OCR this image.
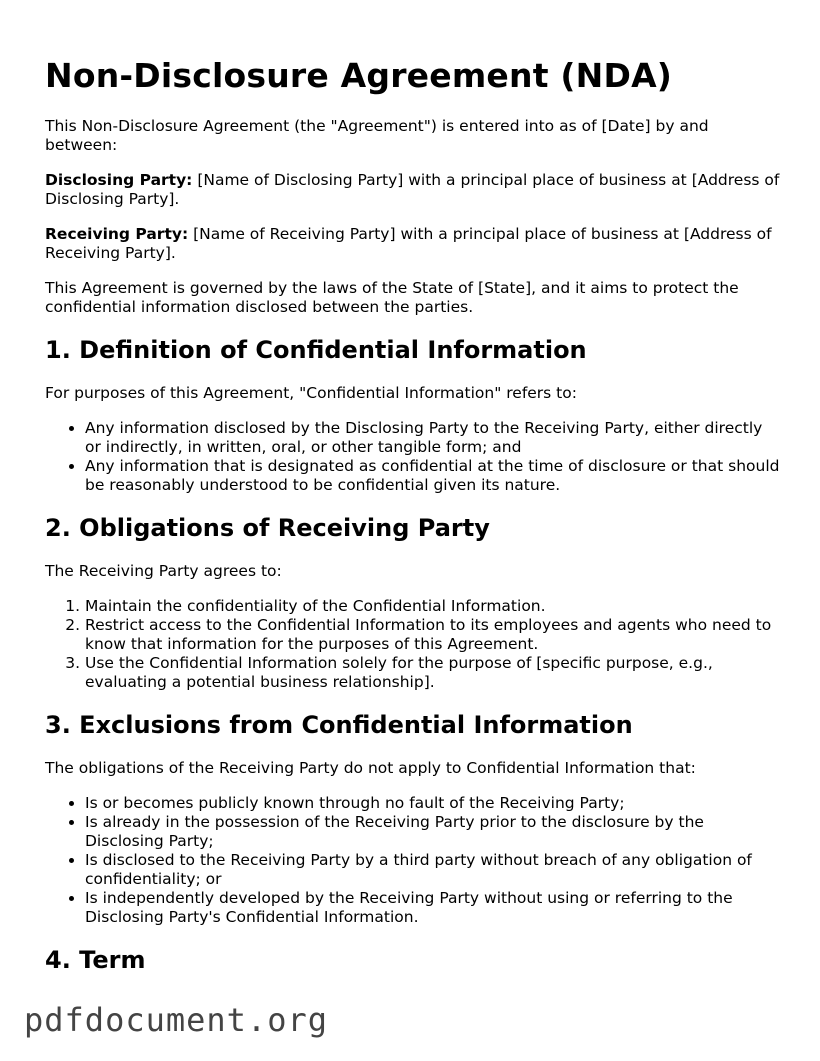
Non-Disclosure Agreement (NDA)

This Non-Disclosure Agreement (the "Agreement") is entered into as of [Date] by and between:

Disclosing Party: [Name of Disclosing Party] with a principal place of business at [Address of Disclosing Party].

Receiving Party: [Name of Receiving Party] with a principal place of business at [Address of Receiving Party].

This Agreement is governed by the laws of the State of [State], and it aims to protect the confidential information disclosed between the parties.

1. Definition of Confidential Information

For purposes of this Agreement, "Confidential Information" refers to:

• Any information disclosed by the Disclosing Party to the Receiving Party, either directly or indirectly, in written, oral, or other tangible form; and
• Any information that is designated as confidential at the time of disclosure or that should be reasonably understood to be confidential given its nature.
2. Obligations of Receiving Party

The Receiving Party agrees to:

1. Maintain the confidentiality of the Confidential Information.
2. Restrict access to the Confidential Information to its employees and agents who need to know that information for the purposes of this Agreement.
3. Use the Confidential Information solely for the purpose of [specific purpose, e.g., evaluating a potential business relationship].
3. Exclusions from Confidential Information

The obligations of the Receiving Party do not apply to Confidential Information that:

• Is or becomes publicly known through no fault of the Receiving Party;
• Is already in the possession of the Receiving Party prior to the disclosure by the Disclosing Party;
• Is disclosed to the Receiving Party by a third party without breach of any obligation of confidentiality; or
• Is independently developed by the Receiving Party without using or referring to the Disclosing Party's Confidential Information.
4. Term
pdfdocument.org
